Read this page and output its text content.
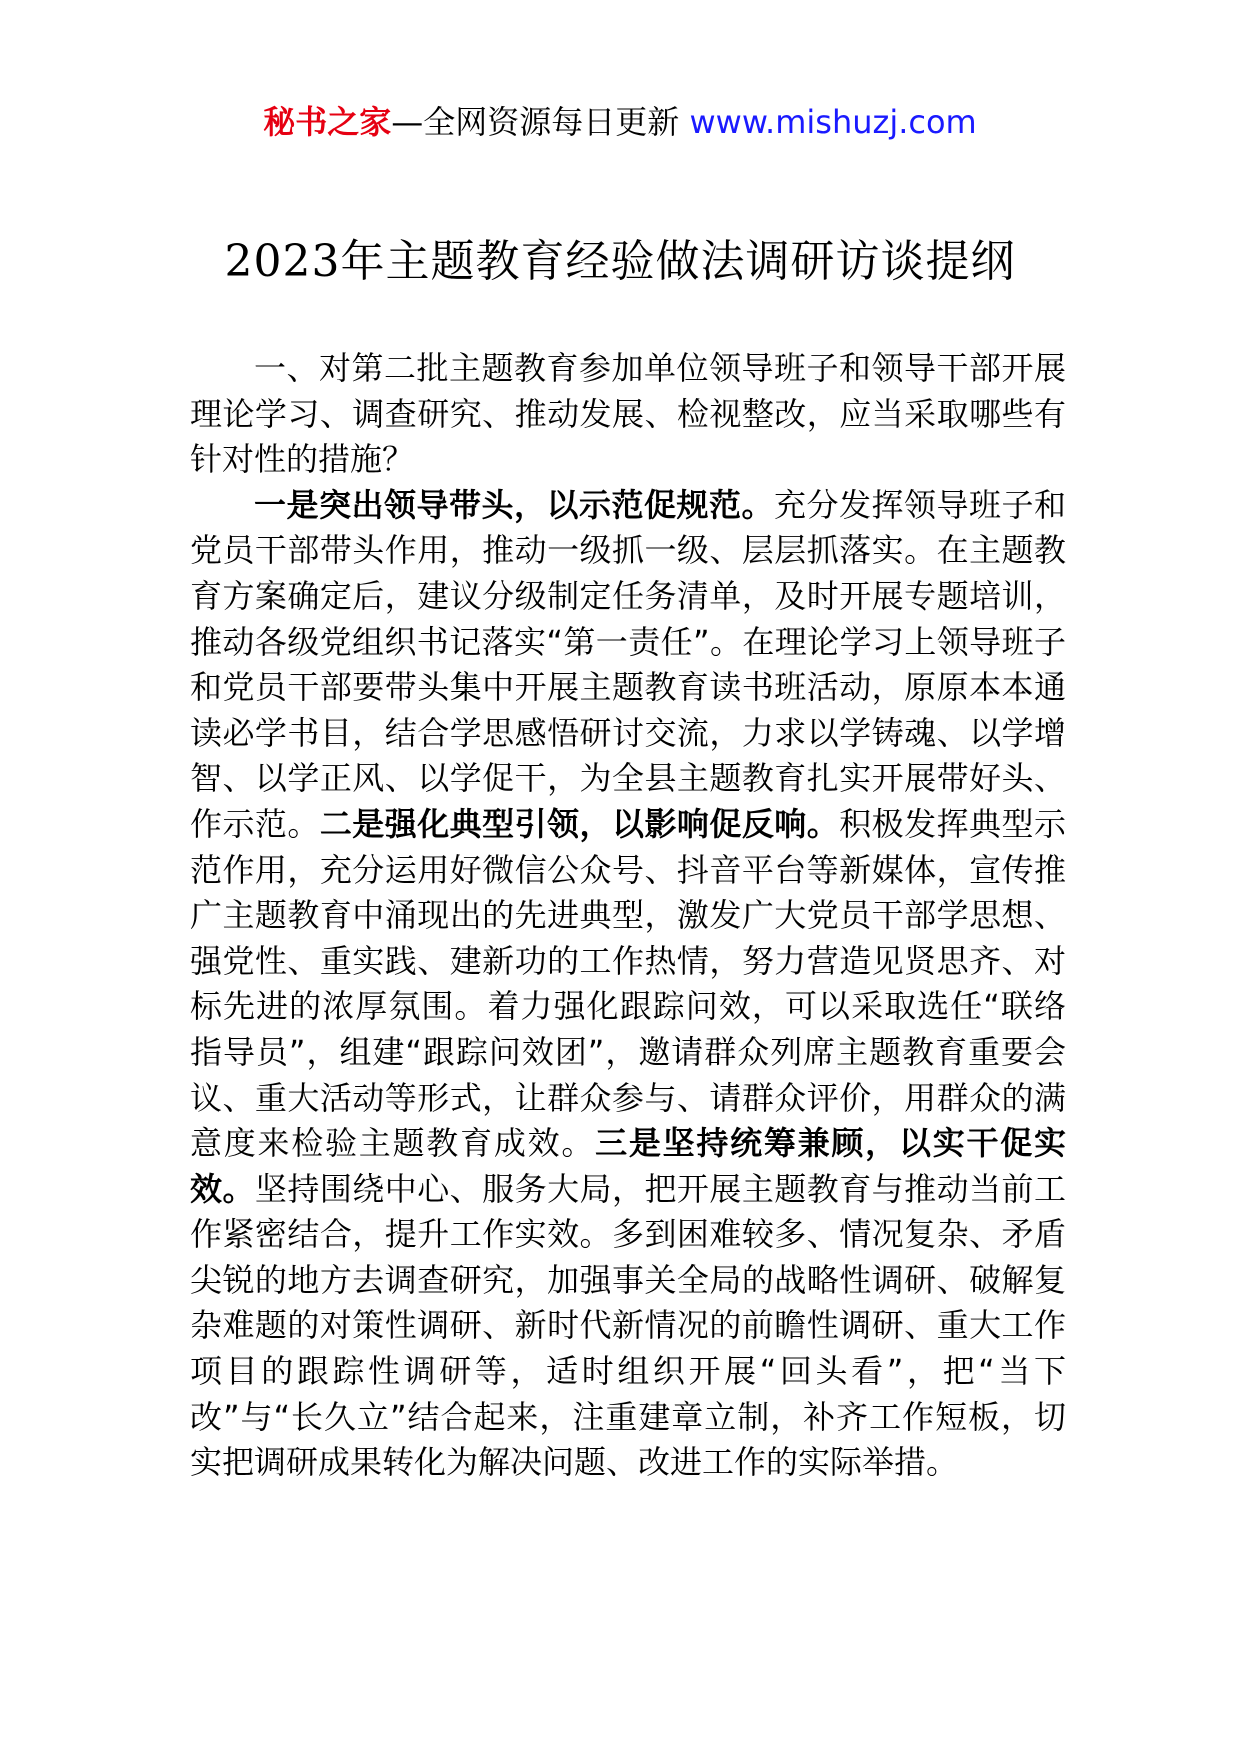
秘书之家—全网资源每日更新 www.mishuzj.com
2023年主题教育经验做法调研访谈提纲

一、对第二批主题教育参加单位领导班子和领导干部开展理论学习、调查研究、推动发展、检视整改，应当采取哪些有针对性的措施？

一是突出领导带头，以示范促规范。充分发挥领导班子和党员干部带头作用，推动一级抓一级、层层抓落实。在主题教育方案确定后，建议分级制定任务清单，及时开展专题培训，推动各级党组织书记落实“第一责任”。在理论学习上领导班子和党员干部要带头集中开展主题教育读书班活动，原原本本通读必学书目，结合学思感悟研讨交流，力求以学铸魂、以学增智、以学正风、以学促干，为全县主题教育扎实开展带好头、作示范。二是强化典型引领，以影响促反响。积极发挥典型示范作用，充分运用好微信公众号、抖音平台等新媒体，宣传推广主题教育中涌现出的先进典型，激发广大党员干部学思想、强党性、重实践、建新功的工作热情，努力营造见贤思齐、对标先进的浓厚氛围。着力强化跟踪问效，可以采取选任“联络指导员”，组建“跟踪问效团”，邀请群众列席主题教育重要会议、重大活动等形式，让群众参与、请群众评价，用群众的满意度来检验主题教育成效。三是坚持统筹兼顾，以实干促实效。坚持围绕中心、服务大局，把开展主题教育与推动当前工作紧密结合，提升工作实效。多到困难较多、情况复杂、矛盾尖锐的地方去调查研究，加强事关全局的战略性调研、破解复杂难题的对策性调研、新时代新情况的前瞻性调研、重大工作项目的跟踪性调研等，适时组织开展“回头看”，把“当下改”与“长久立”结合起来，注重建章立制，补齐工作短板，切实把调研成果转化为解决问题、改进工作的实际举措。
